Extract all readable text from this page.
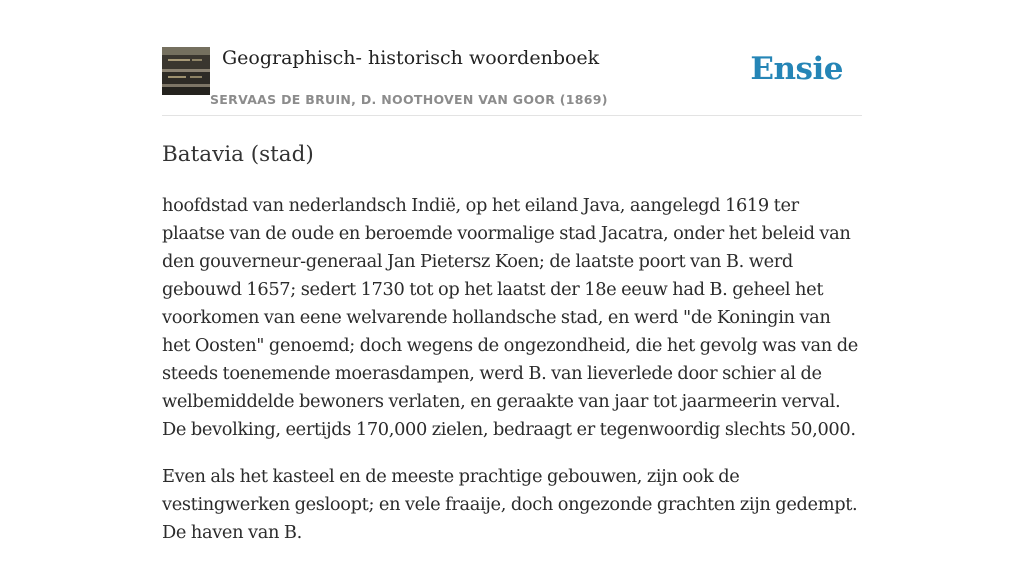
Geographisch- historisch woordenboek
SERVAAS DE BRUIN, D. NOOTHOVEN VAN GOOR (1869)
Ensie
Batavia (stad)

hoofdstad van nederlandsch Indië, op het eiland Java, aangelegd 1619 ter plaatse van de oude en beroemde voormalige stad Jacatra, onder het beleid van den gouverneur-generaal Jan Pietersz Koen; de laatste poort van B. werd gebouwd 1657; sedert 1730 tot op het laatst der 18e eeuw had B. geheel het voorkomen van eene welvarende hollandsche stad, en werd "de Koningin van het Oosten" genoemd; doch wegens de ongezondheid, die het gevolg was van de steeds toenemende moerasdampen, werd B. van lieverlede door schier al de welbemiddelde bewoners verlaten, en geraakte van jaar tot jaarmeerin verval. De bevolking, eertijds 170,000 zielen, bedraagt er tegenwoordig slechts 50,000.

Even als het kasteel en de meeste prachtige gebouwen, zijn ook de vestingwerken gesloopt; en vele fraaije, doch ongezonde grachten zijn gedempt. De haven van B.
